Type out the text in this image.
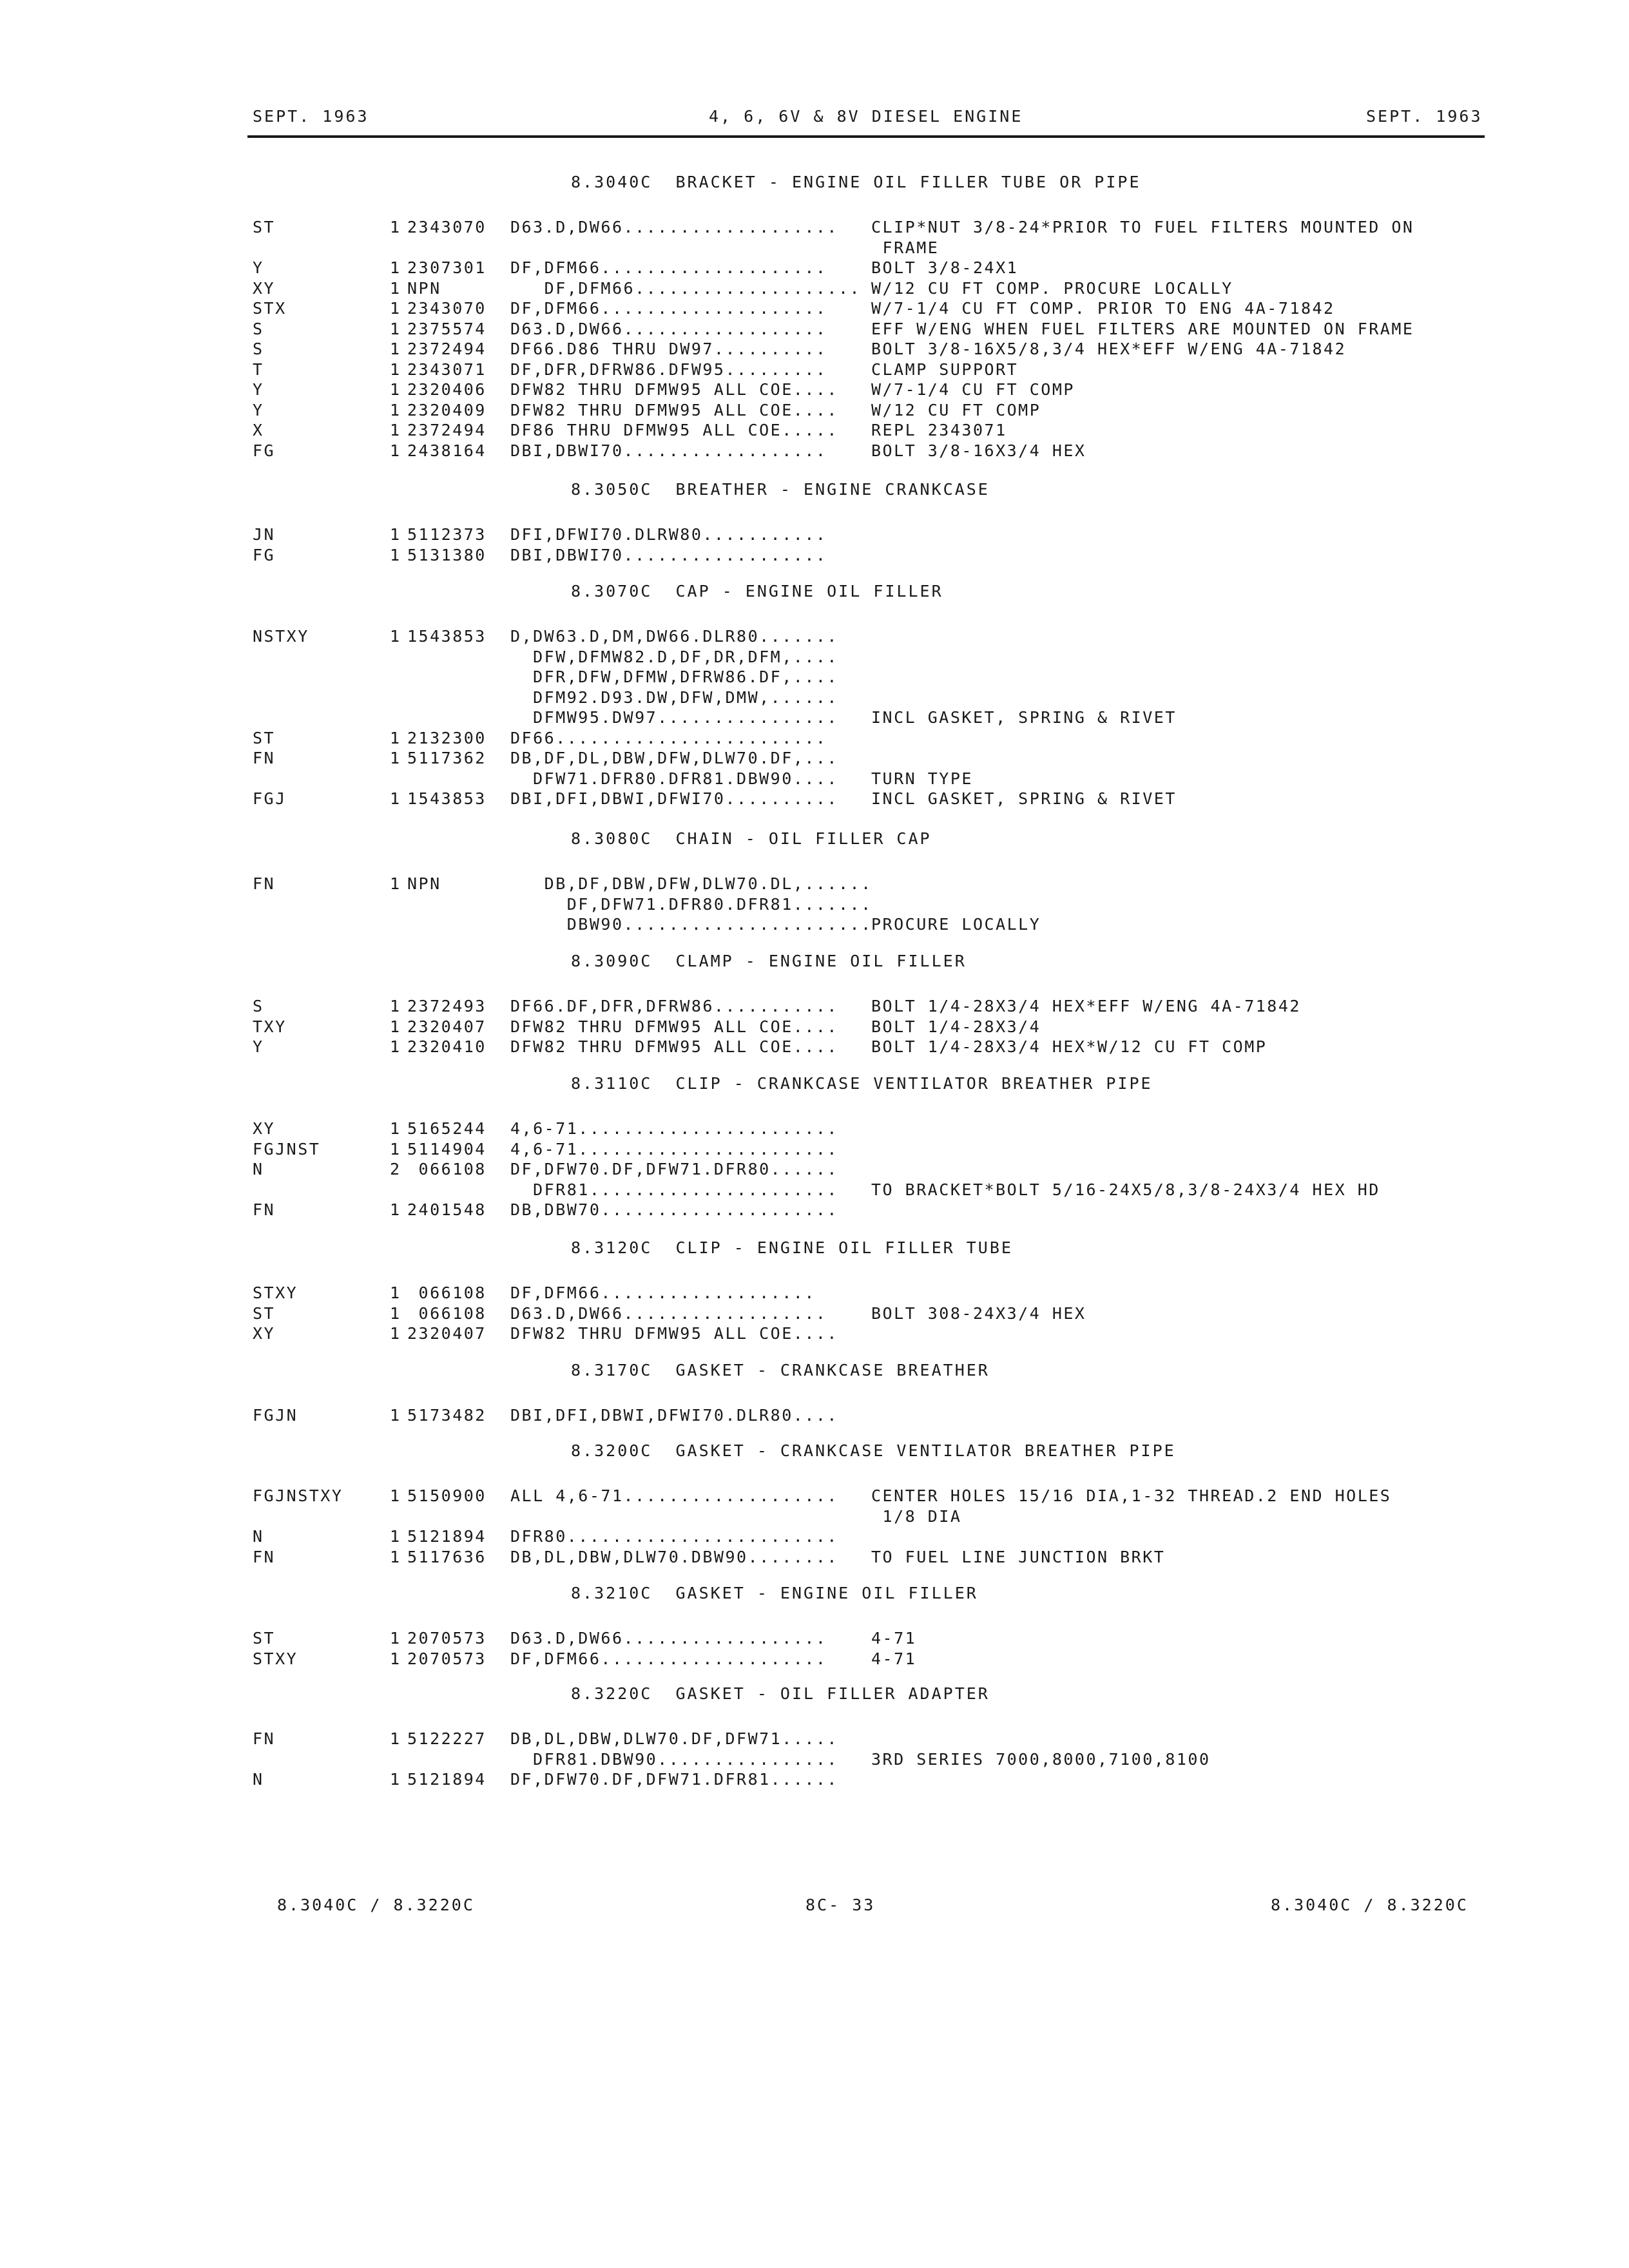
SEPT. 1963	4, 6, 6V & 8V DIESEL ENGINE	SEPT. 1963
8.3040C  BRACKET - ENGINE OIL FILLER TUBE OR PIPE
ST	1 2343070 D63.D,DW66................... CLIP*NUT 3/8-24*PRIOR TO FUEL FILTERS MOUNTED ON
FRAME
Y	1 2307301 DF,DFM66....................	BOLT 3/8-24X1
XY	1 NPN	DF,DFM66.................... W/12 CU FT COMP. PROCURE LOCALLY
STX	1 2343070 DF,DFM66....................	W/7-1/4 CU FT COMP. PRIOR TO ENG 4A-71842
S	1 2375574 D63.D,DW66..................	EFF W/ENG WHEN FUEL FILTERS ARE MOUNTED ON FRAME
S	1 2372494 DF66.D86 THRU DW97..........	BOLT 3/8-16X5/8,3/4 HEX*EFF W/ENG 4A-71842
T	1 2343071 DF,DFR,DFRW86.DFW95.........	CLAMP SUPPORT
Y	1 2320406 DFW82 THRU DFMW95 ALL COE.... W/7-1/4 CU FT COMP
Y	1 2320409 DFW82 THRU DFMW95 ALL COE.... W/12 CU FT COMP
X	1 2372494 DF86 THRU DFMW95 ALL COE..... REPL 2343071
FG	1 2438164 DBI,DBWI70..................	BOLT 3/8-16X3/4 HEX
8.3050C  BREATHER - ENGINE CRANKCASE
JN	1 5112373 DFI,DFWI70.DLRW80...........
FG	1 5131380 DBI,DBWI70..................
8.3070C  CAP - ENGINE OIL FILLER
NSTXY	1 1543853 D,DW63.D,DM,DW66.DLR80.......
DFW,DFMW82.D,DF,DR,DFM,....
DFR,DFW,DFMW,DFRW86.DF,....
DFM92.D93.DW,DFW,DMW,......
DFMW95.DW97................ INCL GASKET, SPRING & RIVET
ST	1 2132300 DF66........................
FN	1 5117362 DB,DF,DL,DBW,DFW,DLW70.DF,...
DFW71.DFR80.DFR81.DBW90.... TURN TYPE
FGJ	1 1543853 DBI,DFI,DBWI,DFWI70.......... INCL GASKET, SPRING & RIVET
8.3080C  CHAIN - OIL FILLER CAP
FN	1 NPN	DB,DF,DBW,DFW,DLW70.DL,......
DF,DFW71.DFR80.DFR81.......
DBW90......................
PROCURE LOCALLY
8.3090C  CLAMP - ENGINE OIL FILLER
S	1 2372493 DF66.DF,DFR,DFRW86........... BOLT 1/4-28X3/4 HEX*EFF W/ENG 4A-71842
TXY	1 2320407 DFW82 THRU DFMW95 ALL COE.... BOLT 1/4-28X3/4
Y	1 2320410 DFW82 THRU DFMW95 ALL COE.... BOLT 1/4-28X3/4 HEX*W/12 CU FT COMP
8.3110C  CLIP - CRANKCASE VENTILATOR BREATHER PIPE
XY	1 5165244 4,6-71.......................
FGJNST	1 5114904 4,6-71.......................
N	2 066108 DF,DFW70.DF,DFW71.DFR80......
DFR81...................... TO BRACKET*BOLT 5/16-24X5/8,3/8-24X3/4 HEX HD
FN	1 2401548 DB,DBW70.....................
8.3120C  CLIP - ENGINE OIL FILLER TUBE
STXY	1 066108 DF,DFM66...................
ST	1 066108 D63.D,DW66..................	BOLT 308-24X3/4 HEX
XY	1 2320407 DFW82 THRU DFMW95 ALL COE....
8.3170C  GASKET - CRANKCASE BREATHER
FGJN	1 5173482 DBI,DFI,DBWI,DFWI70.DLR80....
8.3200C  GASKET - CRANKCASE VENTILATOR BREATHER PIPE
FGJNSTXY	1 5150900 ALL 4,6-71................... CENTER HOLES 15/16 DIA,1-32 THREAD.2 END HOLES
1/8 DIA
N	1 5121894 DFR80........................
FN	1 5117636 DB,DL,DBW,DLW70.DBW90........ TO FUEL LINE JUNCTION BRKT
8.3210C  GASKET - ENGINE OIL FILLER
ST	1 2070573 D63.D,DW66..................	4-71
STXY	1 2070573 DF,DFM66....................	4-71
8.3220C  GASKET - OIL FILLER ADAPTER
FN	1 5122227 DB,DL,DBW,DLW70.DF,DFW71.....
DFR81.DBW90................ 3RD SERIES 7000,8000,7100,8100
N	1 5121894 DF,DFW70.DF,DFW71.DFR81......
8.3040C / 8.3220C	8C- 33	8.3040C / 8.3220C
